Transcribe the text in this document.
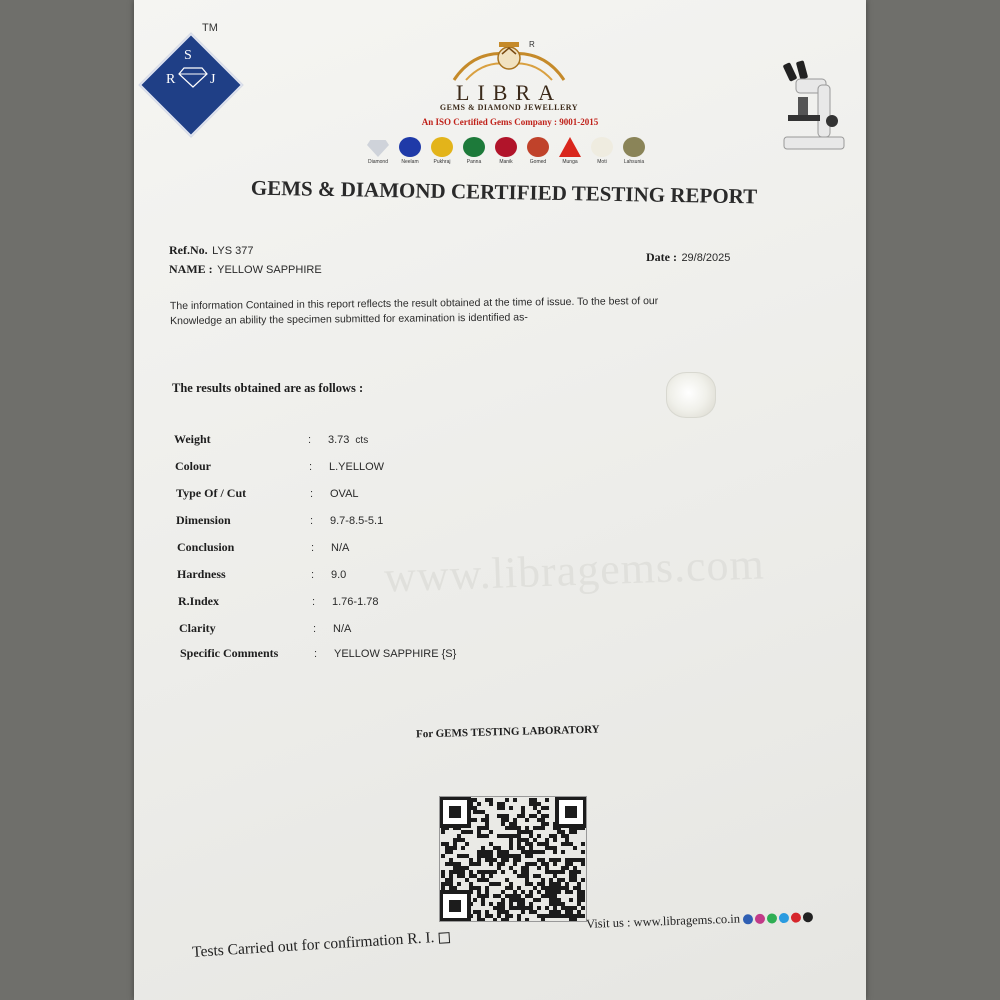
S
R J
TM
R
LIBRA
GEMS & DIAMOND JEWELLERY
An ISO Certified Gems Company : 9001-2015
Diamond	Neelam	Pukhraj	Panna	Manik	Gomed	Munga	Moti	Lahsunia
GEMS & DIAMOND CERTIFIED TESTING REPORT
Ref.No. LYS 377
NAME : YELLOW SAPPHIRE
Date : 29/8/2025
The information Contained in this report reflects the result obtained at the time of issue. To the best of our
Knowledge an ability the specimen submitted for examination is identified as-
The results obtained are as follows :
www.libragems.com
Weight	:	3.73 cts
Colour	:	L.YELLOW
Type Of / Cut	:	OVAL
Dimension	:	9.7-8.5-5.1
Conclusion	:	N/A
Hardness	:	9.0
R.Index	:	1.76-1.78
Clarity	:	N/A
Specific Comments	:	YELLOW SAPPHIRE {S}
For GEMS TESTING LABORATORY
Visit us : www.libragems.co.in
Tests Carried out for confirmation R. I.
